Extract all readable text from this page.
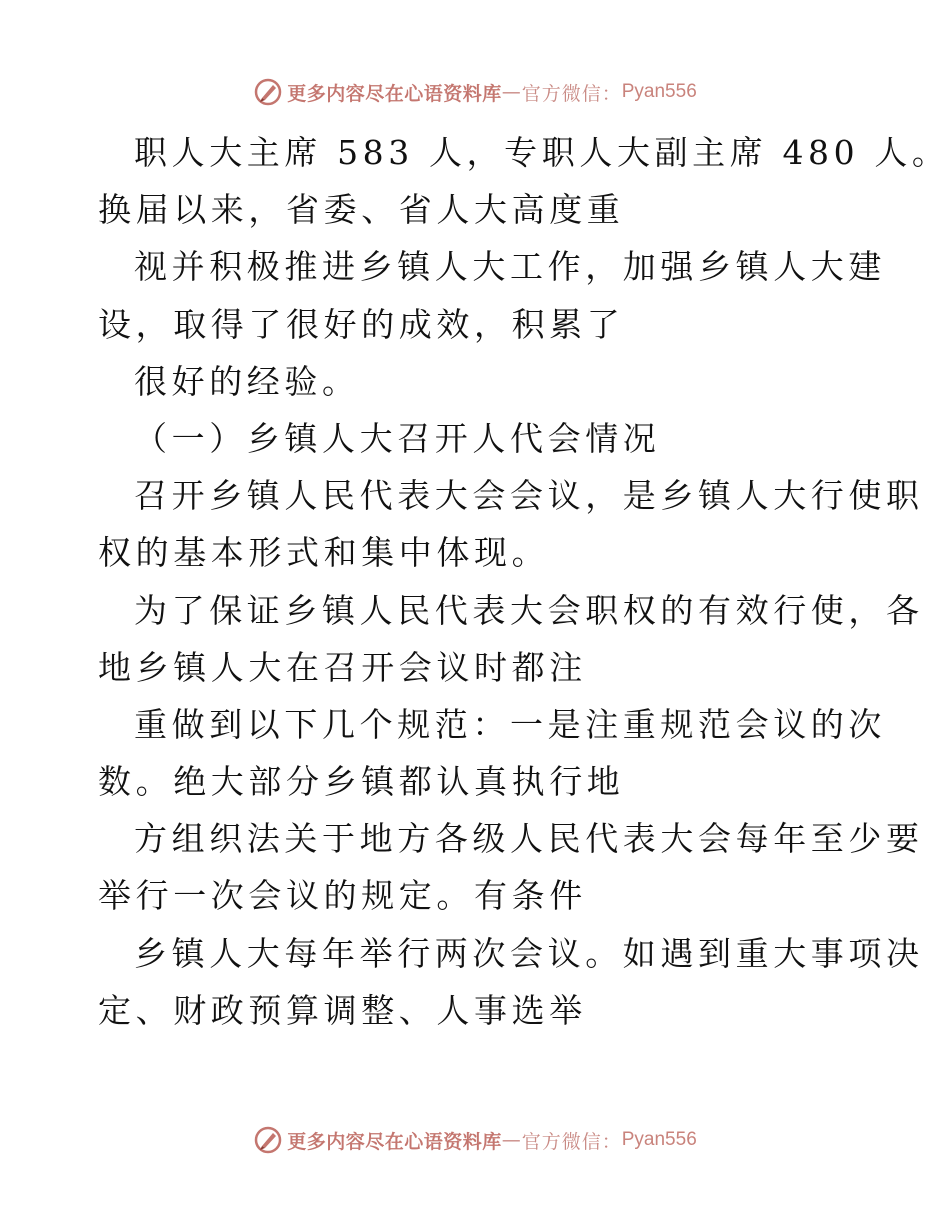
更多内容尽在心语资料库 — 官方微信： Pyan556
职人大主席 583 人，专职人大副主席 480 人。
换届以来，省委、省人大高度重
视并积极推进乡镇人大工作，加强乡镇人大建
设，取得了很好的成效，积累了
很好的经验。
（一）乡镇人大召开人代会情况
召开乡镇人民代表大会会议，是乡镇人大行使职
权的基本形式和集中体现。
为了保证乡镇人民代表大会职权的有效行使，各
地乡镇人大在召开会议时都注
重做到以下几个规范：一是注重规范会议的次
数。绝大部分乡镇都认真执行地
方组织法关于地方各级人民代表大会每年至少要
举行一次会议的规定。有条件
乡镇人大每年举行两次会议。如遇到重大事项决
定、财政预算调整、人事选举
更多内容尽在心语资料库 — 官方微信： Pyan556
